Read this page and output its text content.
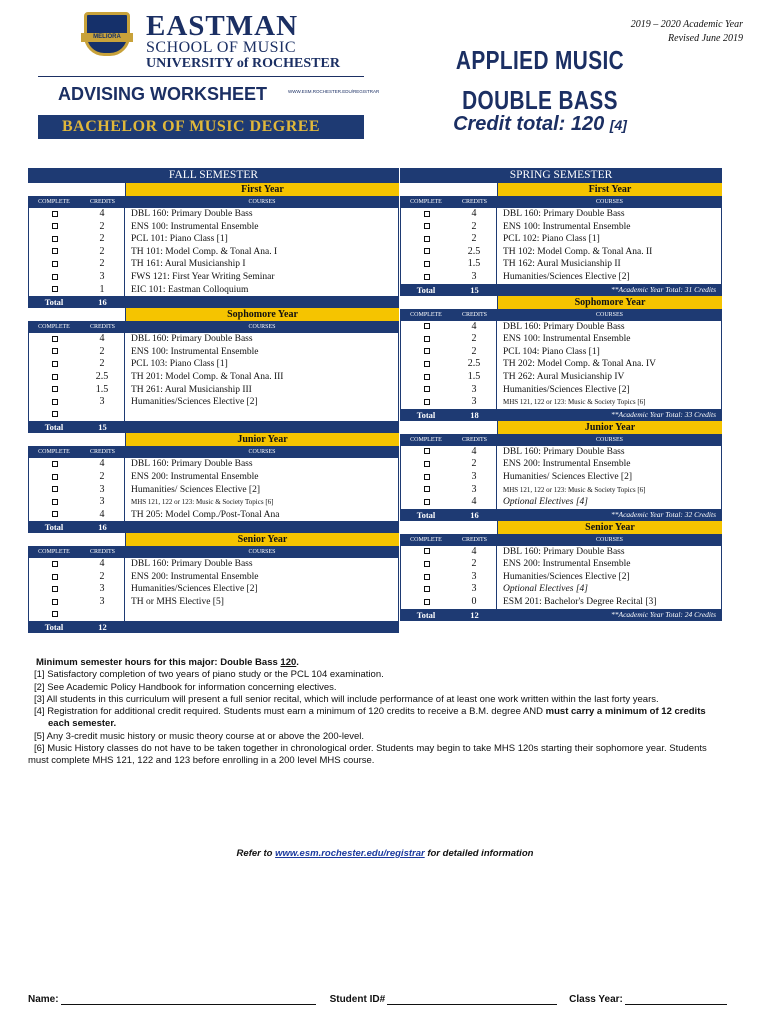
MELIORA EASTMAN
SCHOOL OF MUSIC
UNIVERSITY of ROCHESTER
ADVISING WORKSHEET	WWW.ESM.ROCHESTER.EDU/REGISTRAR
BACHELOR OF MUSIC DEGREE
2019 – 2020 Academic Year
Revised June 2019
APPLIED MUSIC
DOUBLE BASS
Credit total: 120 [4]
FALL SEMESTER
First Year
COMPLETE	CREDITS	COURSES
4	DBL 160: Primary Double Bass
2	ENS 100: Instrumental Ensemble
2	PCL 101: Piano Class [1]
2	TH 101: Model Comp. & Tonal Ana. I
2	TH 161: Aural Musicianship I
3	FWS 121: First Year Writing Seminar
1	EIC 101: Eastman Colloquium
Total	16
Sophomore Year
COMPLETE	CREDITS	COURSES
4	DBL 160: Primary Double Bass
2	ENS 100: Instrumental Ensemble
2	PCL 103: Piano Class [1]
2.5	TH 201: Model Comp. & Tonal Ana. III
1.5	TH 261: Aural Musicianship III
3	Humanities/Sciences Elective [2]
Total	15
Junior Year
COMPLETE	CREDITS	COURSES
4	DBL 160: Primary Double Bass
2	ENS 200: Instrumental Ensemble
3	Humanities/ Sciences Elective [2]
3	MHS 121, 122 or 123: Music & Society Topics [6]
4	TH 205: Model Comp./Post-Tonal Ana
Total	16
Senior Year
COMPLETE	CREDITS	COURSES
4	DBL 160: Primary Double Bass
2	ENS 200: Instrumental Ensemble
3	Humanities/Sciences Elective [2]
3	TH or MHS Elective [5]
Total	12
SPRING SEMESTER
First Year
COMPLETE	CREDITS	COURSES
4	DBL 160: Primary Double Bass
2	ENS 100: Instrumental Ensemble
2	PCL 102: Piano Class [1]
2.5	TH 102: Model Comp. & Tonal Ana. II
1.5	TH 162: Aural Musicianship II
3	Humanities/Sciences Elective [2]
Total	15	**Academic Year Total: 31 Credits
Sophomore Year
COMPLETE	CREDITS	COURSES
4	DBL 160: Primary Double Bass
2	ENS 100: Instrumental Ensemble
2	PCL 104: Piano Class [1]
2.5	TH 202: Model Comp. & Tonal Ana. IV
1.5	TH 262: Aural Musicianship IV
3	Humanities/Sciences Elective [2]
3	MHS 121, 122 or 123: Music & Society Topics [6]
Total	18	**Academic Year Total: 33 Credits
Junior Year
COMPLETE	CREDITS	COURSES
4	DBL 160: Primary Double Bass
2	ENS 200: Instrumental Ensemble
3	Humanities/ Sciences Elective [2]
3	MHS 121, 122 or 123: Music & Society Topics [6]
4	Optional Electives [4]
Total	16	**Academic Year Total: 32 Credits
Senior Year
COMPLETE	CREDITS	COURSES
4	DBL 160: Primary Double Bass
2	ENS 200: Instrumental Ensemble
3	Humanities/Sciences Elective [2]
3	Optional Electives [4]
0	ESM 201: Bachelor's Degree Recital [3]
Total	12	**Academic Year Total: 24 Credits
Minimum semester hours for this major: Double Bass 120.
[1] Satisfactory completion of two years of piano study or the PCL 104 examination.
[2] See Academic Policy Handbook for information concerning electives.
[3] All students in this curriculum will present a full senior recital, which will include performance of at least one work written within the last forty years.
[4] Registration for additional credit required. Students must earn a minimum of 120 credits to receive a B.M. degree AND must carry a minimum of 12 credits
each semester.
[5] Any 3-credit music history or music theory course at or above the 200-level.
[6] Music History classes do not have to be taken together in chronological order. Students may begin to take MHS 120s starting their sophomore year. Students
must complete MHS 121, 122 and 123 before enrolling in a 200 level MHS course.
Refer to www.esm.rochester.edu/registrar for detailed information
Name:	Student ID#	Class Year:
